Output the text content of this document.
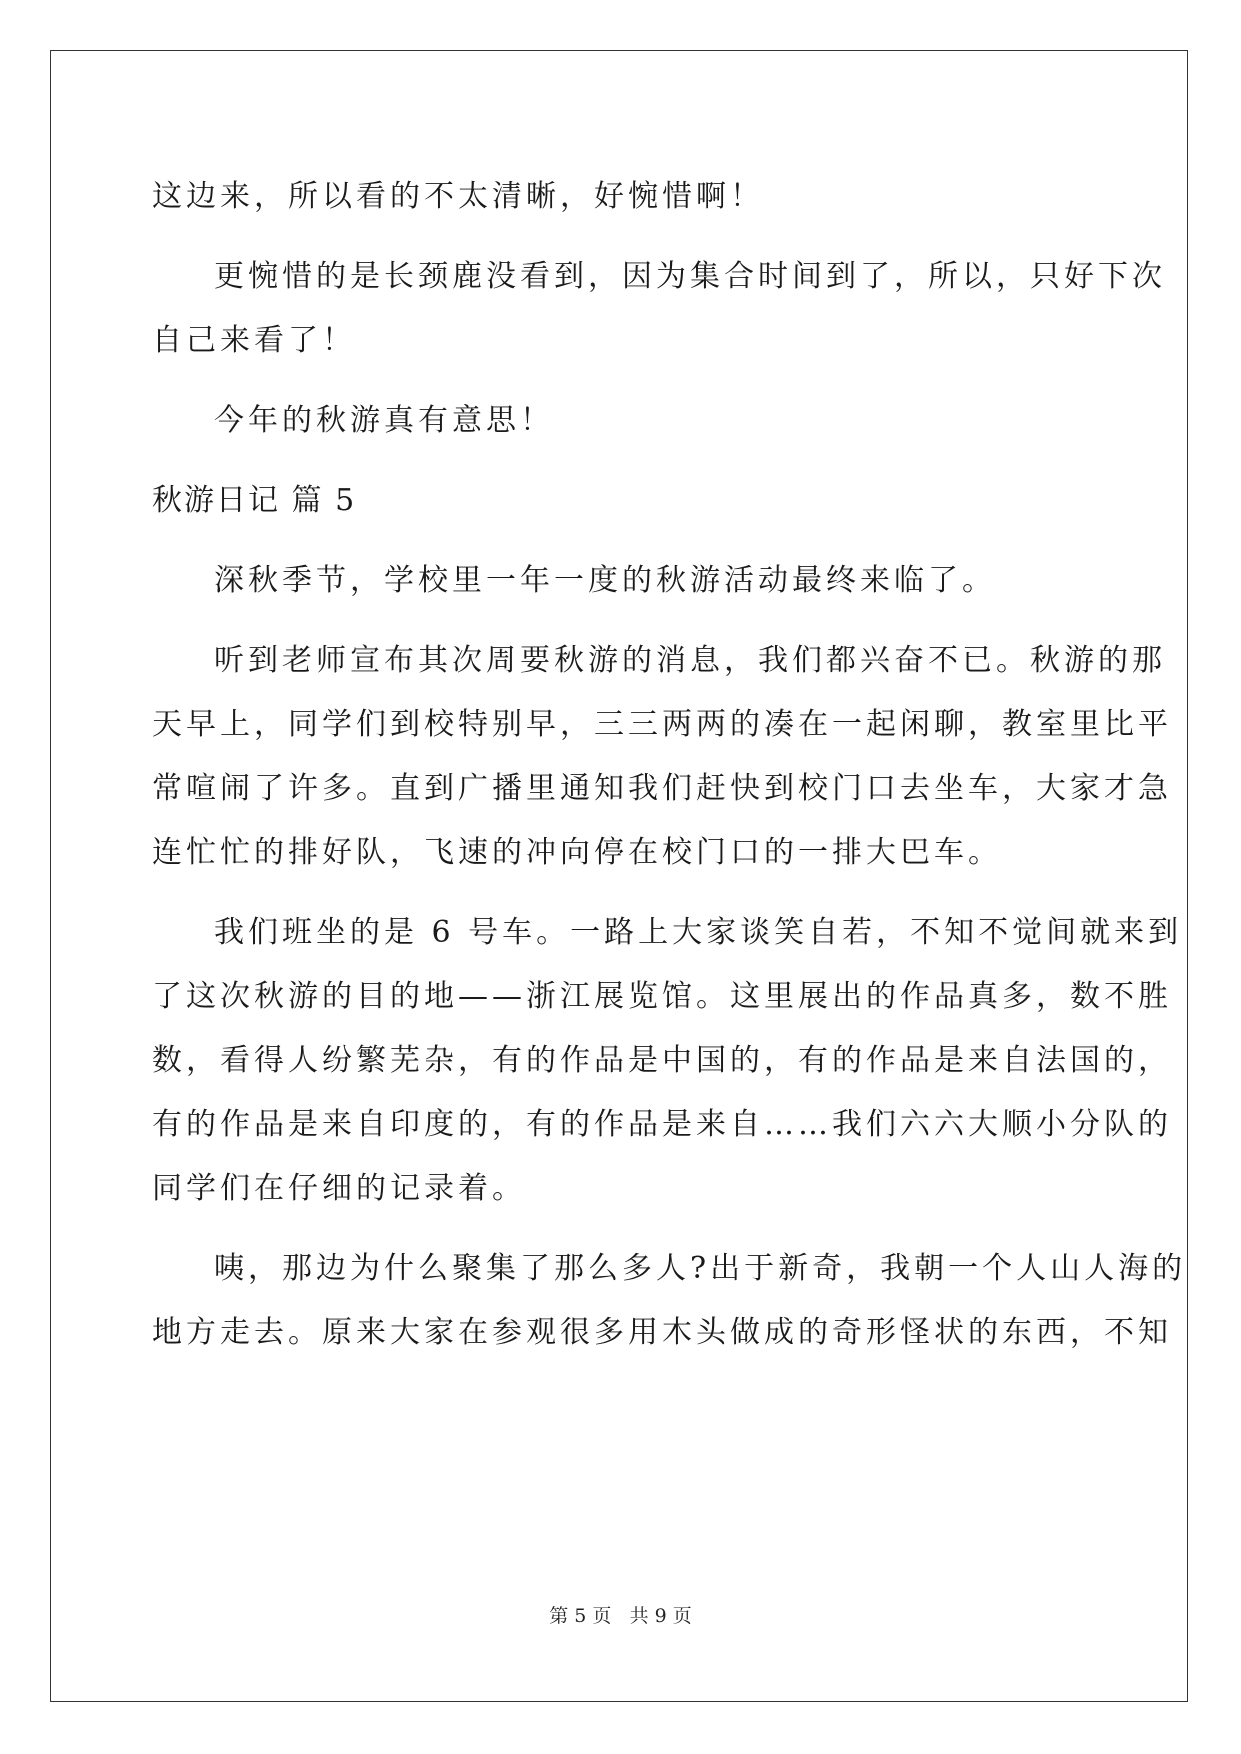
这边来，所以看的不太清晰，好惋惜啊！
更惋惜的是长颈鹿没看到，因为集合时间到了，所以，只好下次
自己来看了！
今年的秋游真有意思！
秋游日记 篇 5
深秋季节，学校里一年一度的秋游活动最终来临了。
听到老师宣布其次周要秋游的消息，我们都兴奋不已。秋游的那
天早上，同学们到校特别早，三三两两的凑在一起闲聊，教室里比平
常喧闹了许多。直到广播里通知我们赶快到校门口去坐车，大家才急
连忙忙的排好队，飞速的冲向停在校门口的一排大巴车。
我们班坐的是 6 号车。一路上大家谈笑自若，不知不觉间就来到
了这次秋游的目的地——浙江展览馆。这里展出的作品真多，数不胜
数，看得人纷繁芜杂，有的作品是中国的，有的作品是来自法国的，
有的作品是来自印度的，有的作品是来自……我们六六大顺小分队的
同学们在仔细的记录着。
咦，那边为什么聚集了那么多人?出于新奇，我朝一个人山人海的
地方走去。原来大家在参观很多用木头做成的奇形怪状的东西，不知
第 5 页 共 9 页
